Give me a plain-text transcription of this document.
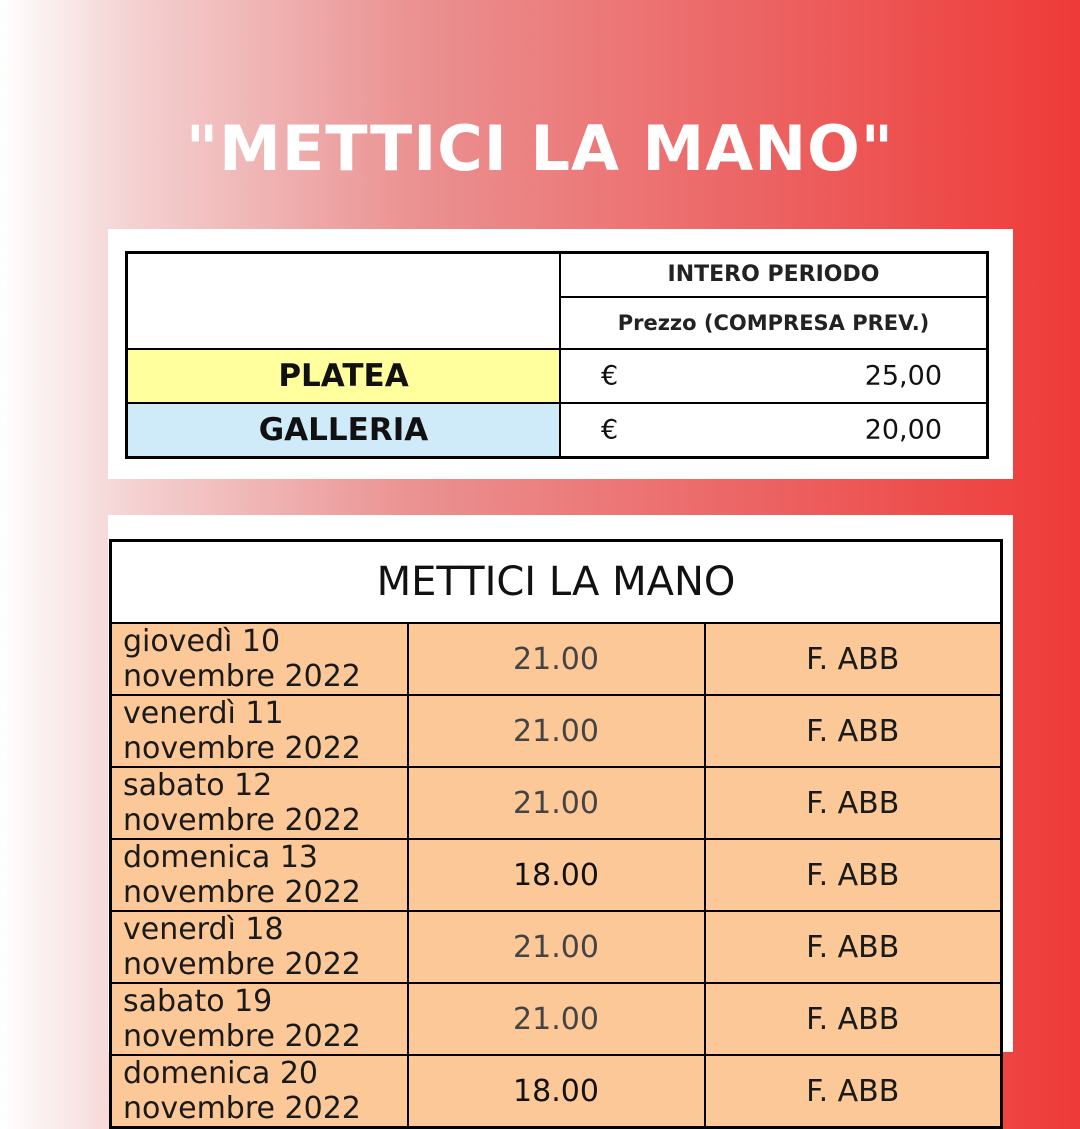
"METTICI LA MANO"
	INTERO PERIODO
	Prezzo (COMPRESA PREV.)
PLATEA	€ 25,00

GALLERIA	€ 20,00
METTICI LA MANO		
giovedì 10 novembre 2022	21.00	F. ABB
venerdì 11 novembre 2022	21.00	F. ABB
sabato 12 novembre 2022	21.00	F. ABB
domenica 13 novembre 2022	18.00	F. ABB
venerdì 18 novembre 2022	21.00	F. ABB
sabato 19 novembre 2022	21.00	F. ABB
domenica 20 novembre 2022	18.00	F. ABB
